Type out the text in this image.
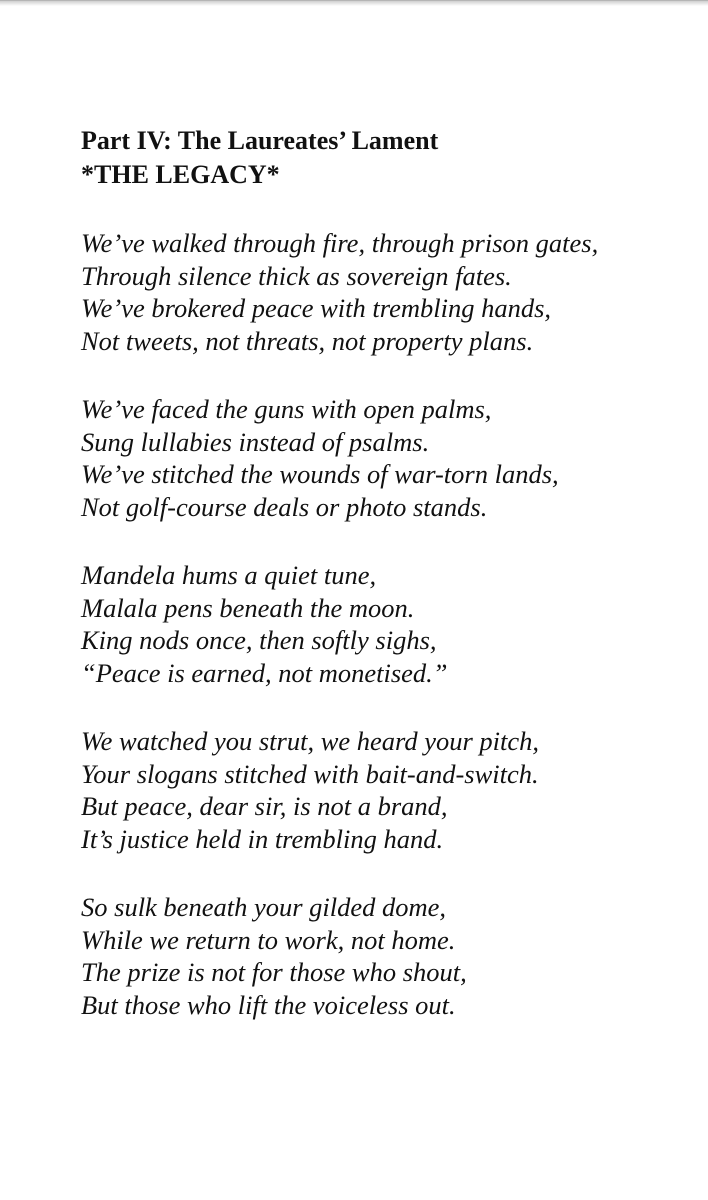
Part IV: The Laureates’ Lament

*THE LEGACY*

We’ve walked through fire, through prison gates,

Through silence thick as sovereign fates.

We’ve brokered peace with trembling hands,

Not tweets, not threats, not property plans.

We’ve faced the guns with open palms,

Sung lullabies instead of psalms.

We’ve stitched the wounds of war-torn lands,

Not golf-course deals or photo stands.

Mandela hums a quiet tune,

Malala pens beneath the moon.

King nods once, then softly sighs,

“Peace is earned, not monetised.”

We watched you strut, we heard your pitch,

Your slogans stitched with bait-and-switch.

But peace, dear sir, is not a brand,

It’s justice held in trembling hand.

So sulk beneath your gilded dome,

While we return to work, not home.

The prize is not for those who shout,

But those who lift the voiceless out.
